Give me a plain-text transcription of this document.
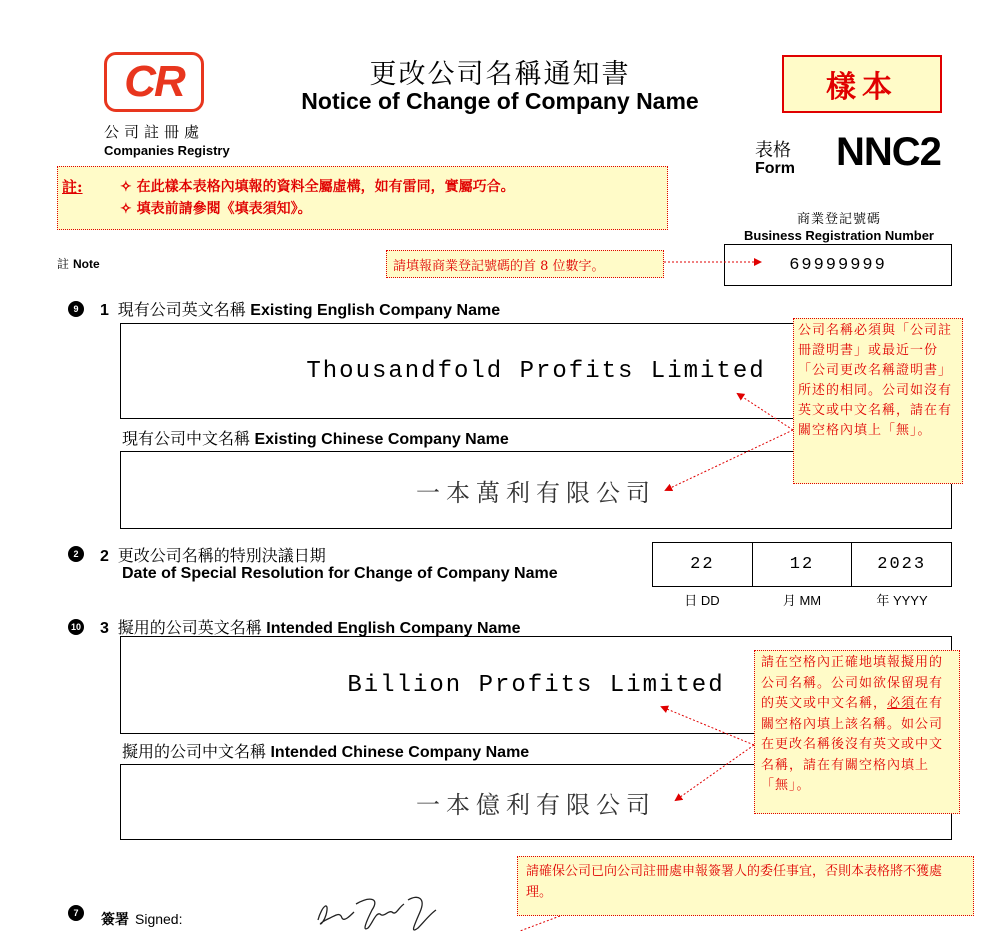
CR
公司註冊處
Companies Registry
更改公司名稱通知書
Notice of Change of Company Name	樣本
表格
Form NNC2
註:	✧ 在此樣本表格內填報的資料全屬虛構，如有雷同，實屬巧合。
✧ 填表前請參閱《填表須知》。
商業登記號碼
Business Registration Number
69999999
註 Note	請填報商業登記號碼的首 8 位數字。
9	1 現有公司英文名稱 Existing English Company Name
Thousandfold Profits Limited
現有公司中文名稱 Existing Chinese Company Name
一本萬利有限公司
公司名稱必須與「公司註冊證明書」或最近一份「公司更改名稱證明書」所述的相同。公司如沒有英文或中文名稱，請在有關空格內填上「無」。
2	2 更改公司名稱的特別決議日期
Date of Special Resolution for Change of Company Name	22	12	2023
日 DD	月 MM	年 YYYY
10 3 擬用的公司英文名稱 Intended English Company Name
Billion Profits Limited
擬用的公司中文名稱 Intended Chinese Company Name
一本億利有限公司
請在空格內正確地填報擬用的公司名稱。公司如欲保留現有的英文或中文名稱，必須在有關空格內填上該名稱。如公司在更改名稱後沒有英文或中文名稱，請在有關空格內填上「無」。
7	簽署 Signed:
請確保公司已向公司註冊處申報簽署人的委任事宜，否則本表格將不獲處理。
